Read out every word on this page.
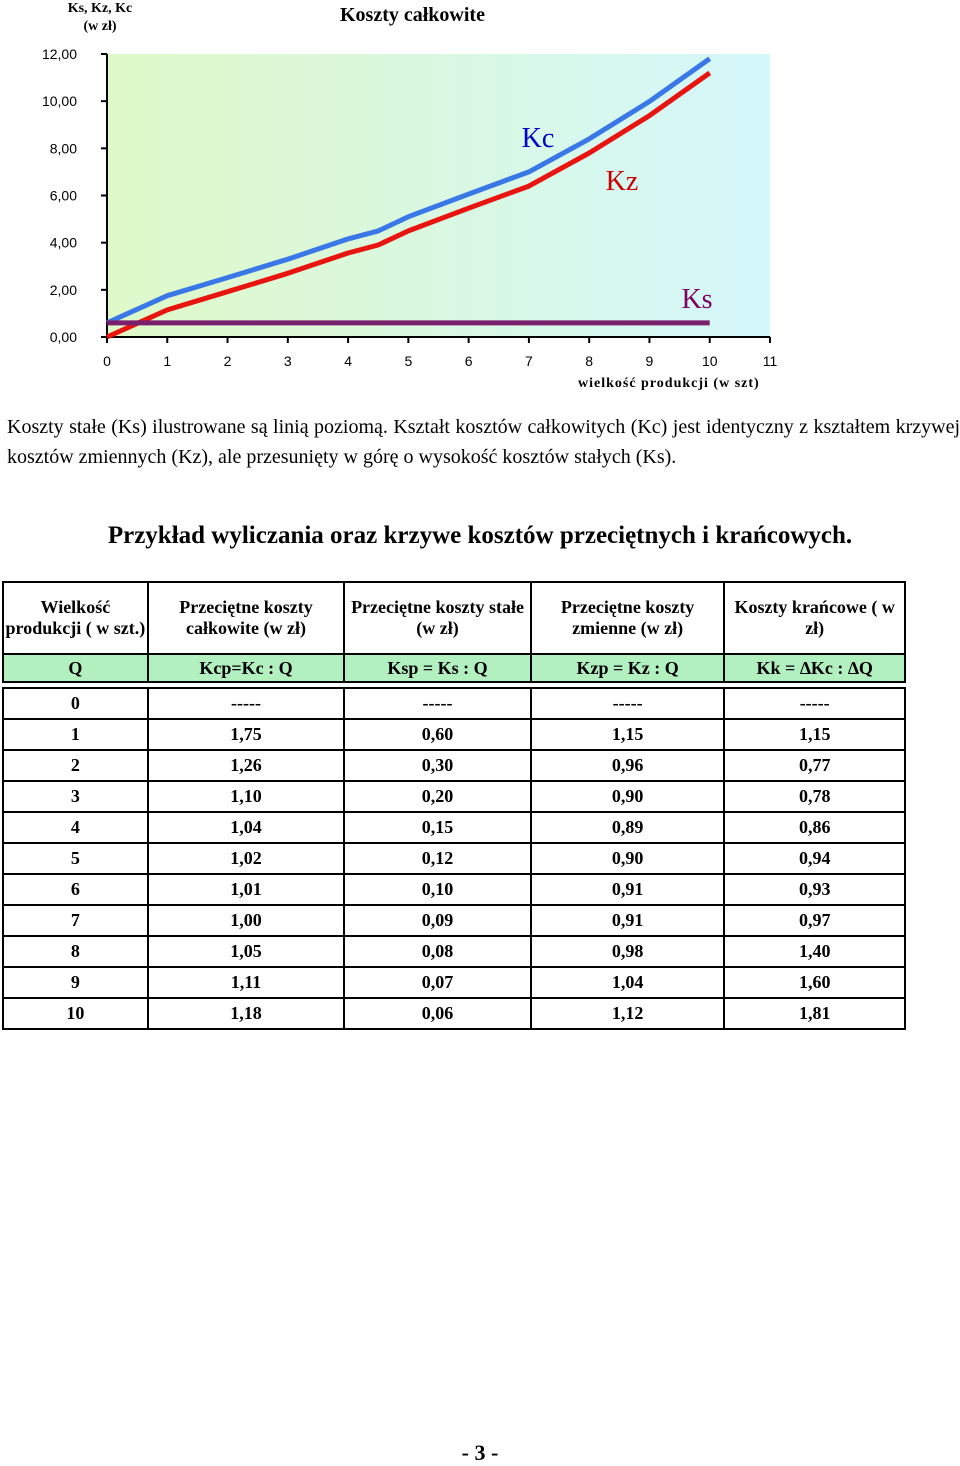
0,00
2,00
4,00
6,00
8,00
10,00
12,00
0	1	2	3	4	5	6	7	8	9	10	11
Kc
Kz
Ks
Ks, Kz, Kc
(w zł)
Koszty całkowite
wielkość produkcji (w szt)
Koszty stałe (Ks) ilustrowane są linią poziomą. Kształt kosztów całkowitych (Kc) jest identyczny z kształtem krzywej kosztów zmiennych (Kz), ale przesunięty w górę o wysokość kosztów stałych (Ks).
Przykład wyliczania oraz krzywe kosztów przeciętnych i krańcowych.
Wielkość produkcji ( w szt.)	Przeciętne koszty całkowite (w zł)	Przeciętne koszty stałe (w zł)	Przeciętne koszty zmienne (w zł)	Koszty krańcowe ( w zł)
Q	Kcp=Kc : Q	Ksp = Ks : Q	Kzp = Kz : Q	Kk = ∆Kc : ∆Q

0	-----	-----	-----	-----
1	1,75	0,60	1,15	1,15
2	1,26	0,30	0,96	0,77
3	1,10	0,20	0,90	0,78
4	1,04	0,15	0,89	0,86
5	1,02	0,12	0,90	0,94
6	1,01	0,10	0,91	0,93
7	1,00	0,09	0,91	0,97
8	1,05	0,08	0,98	1,40
9	1,11	0,07	1,04	1,60
10	1,18	0,06	1,12	1,81
- 3 -
